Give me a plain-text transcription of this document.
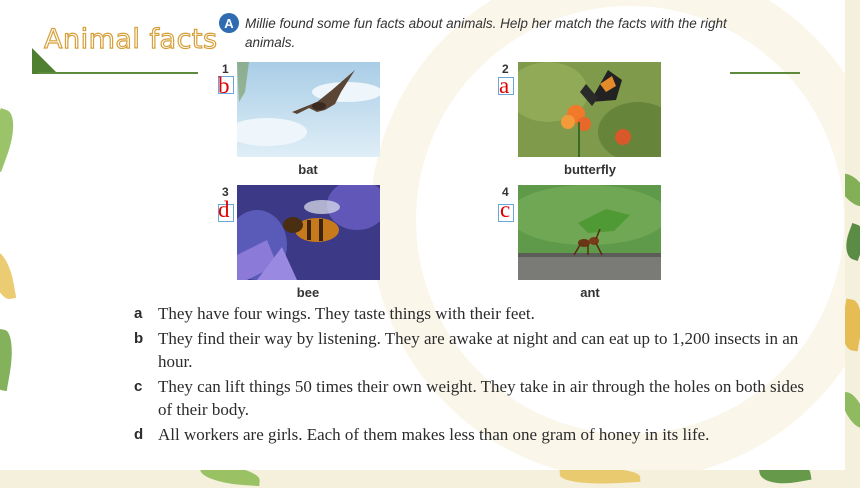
Animal facts
A Millie found some fun facts about animals. Help her match the facts with the right animals.
1
b
bat
2
a
butterfly
3
d
bee
4
c
ant
a They have four wings. They taste things with their feet.
b They find their way by listening. They are awake at night and can eat up to 1,200 insects in an hour.
c They can lift things 50 times their own weight. They take in air through the holes on both sides of their body.
d All workers are girls. Each of them makes less than one gram of honey in its life.
